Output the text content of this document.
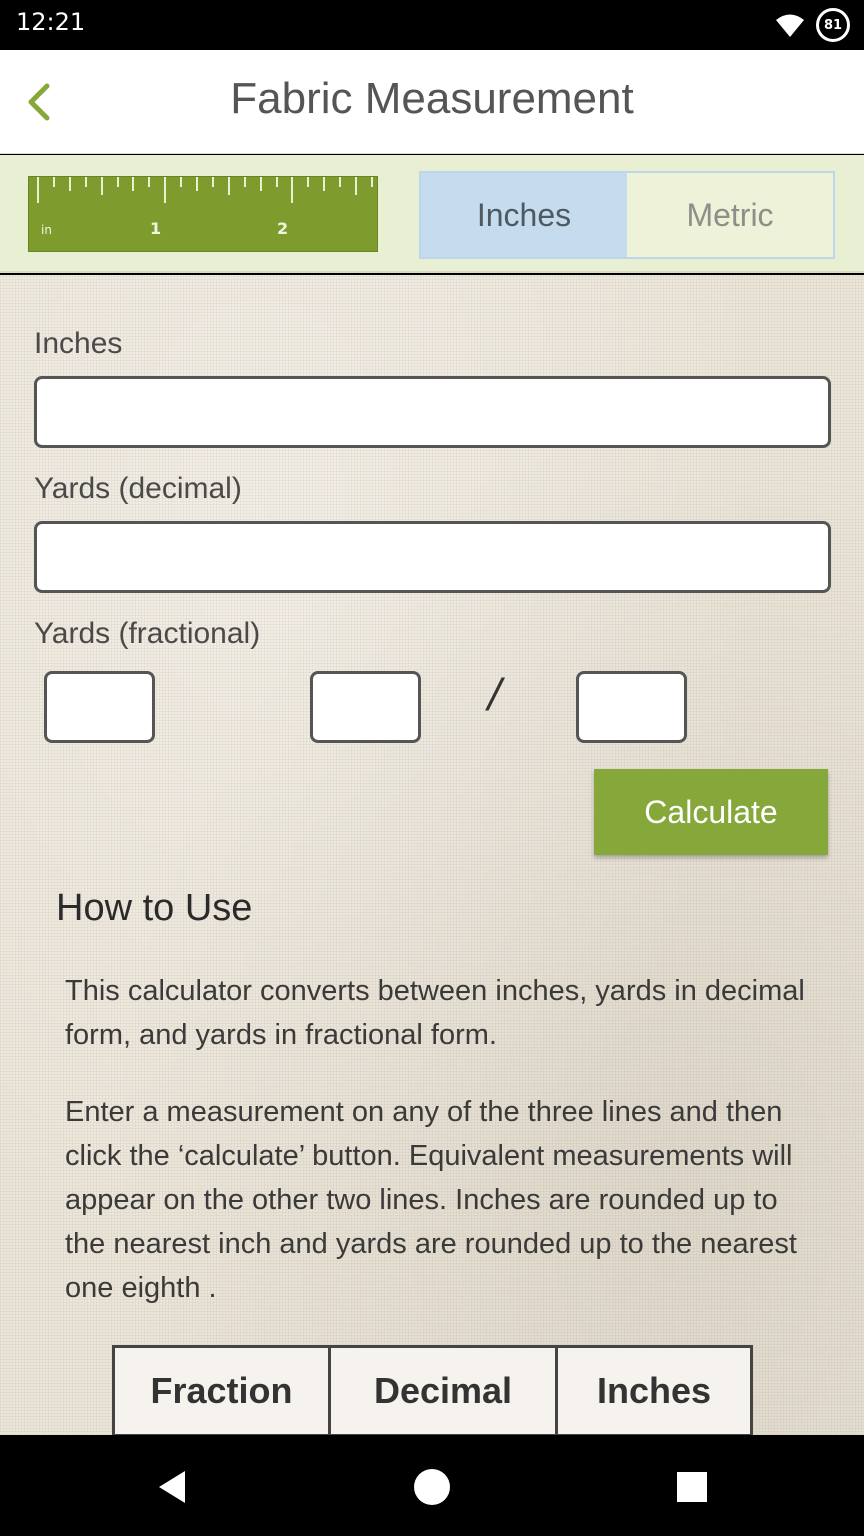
12:21	81
Fabric Measurement
in	1	2	Inches	Metric
Inches
Yards (decimal)
Yards (fractional)
/
Calculate
How to Use

This calculator converts between inches, yards in decimal form, and yards in fractional form.

Enter a measurement on any of the three lines and then click the ‘calculate’ button. Equivalent measurements will appear on the other two lines. Inches are rounded up to the nearest inch and yards are rounded up to the nearest one eighth .

Fraction	Decimal	Inches
